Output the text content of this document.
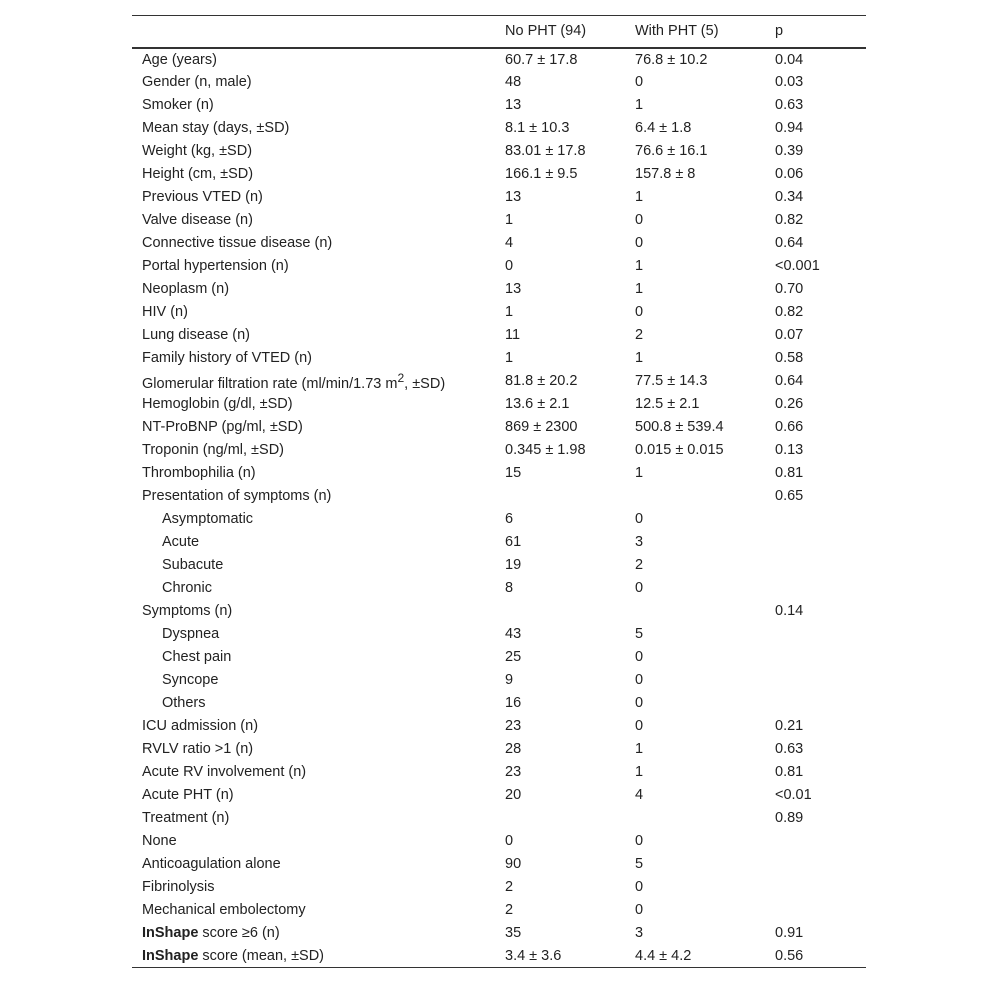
	No PHT (94)	With PHT (5)	p
Age (years)	60.7 ± 17.8	76.8 ± 10.2	0.04
Gender (n, male)	48	0	0.03
Smoker (n)	13	1	0.63
Mean stay (days, ±SD)	8.1 ± 10.3	6.4 ± 1.8	0.94
Weight (kg, ±SD)	83.01 ± 17.8	76.6 ± 16.1	0.39
Height (cm, ±SD)	166.1 ± 9.5	157.8 ± 8	0.06
Previous VTED (n)	13	1	0.34
Valve disease (n)	1	0	0.82
Connective tissue disease (n)	4	0	0.64
Portal hypertension (n)	0	1	<0.001
Neoplasm (n)	13	1	0.70
HIV (n)	1	0	0.82
Lung disease (n)	11	2	0.07
Family history of VTED (n)	1	1	0.58
Glomerular filtration rate (ml/min/1.73 $m^2$, ±SD)	81.8 ± 20.2	77.5 ± 14.3	0.64
Hemoglobin (g/dl, ±SD)	13.6 ± 2.1	12.5 ± 2.1	0.26
NT-ProBNP (pg/ml, ±SD)	869 ± 2300	500.8 ± 539.4	0.66
Troponin (ng/ml, ±SD)	0.345 ± 1.98	0.015 ± 0.015	0.13
Thrombophilia (n)	15	1	0.81
Presentation of symptoms (n)			0.65
Asymptomatic	6	0	
Acute	61	3	
Subacute	19	2	
Chronic	8	0	
Symptoms (n)			0.14
Dyspnea	43	5	
Chest pain	25	0	
Syncope	9	0	
Others	16	0	
ICU admission (n)	23	0	0.21
RVLV ratio >1 (n)	28	1	0.63
Acute RV involvement (n)	23	1	0.81
Acute PHT (n)	20	4	<0.01
Treatment (n)			0.89
None	0	0	
Anticoagulation alone	90	5	
Fibrinolysis	2	0	
Mechanical embolectomy	2	0	
InShape score ≥6 (n)	35	3	0.91
InShape score (mean, ±SD)	3.4 ± 3.6	4.4 ± 4.2	0.56
